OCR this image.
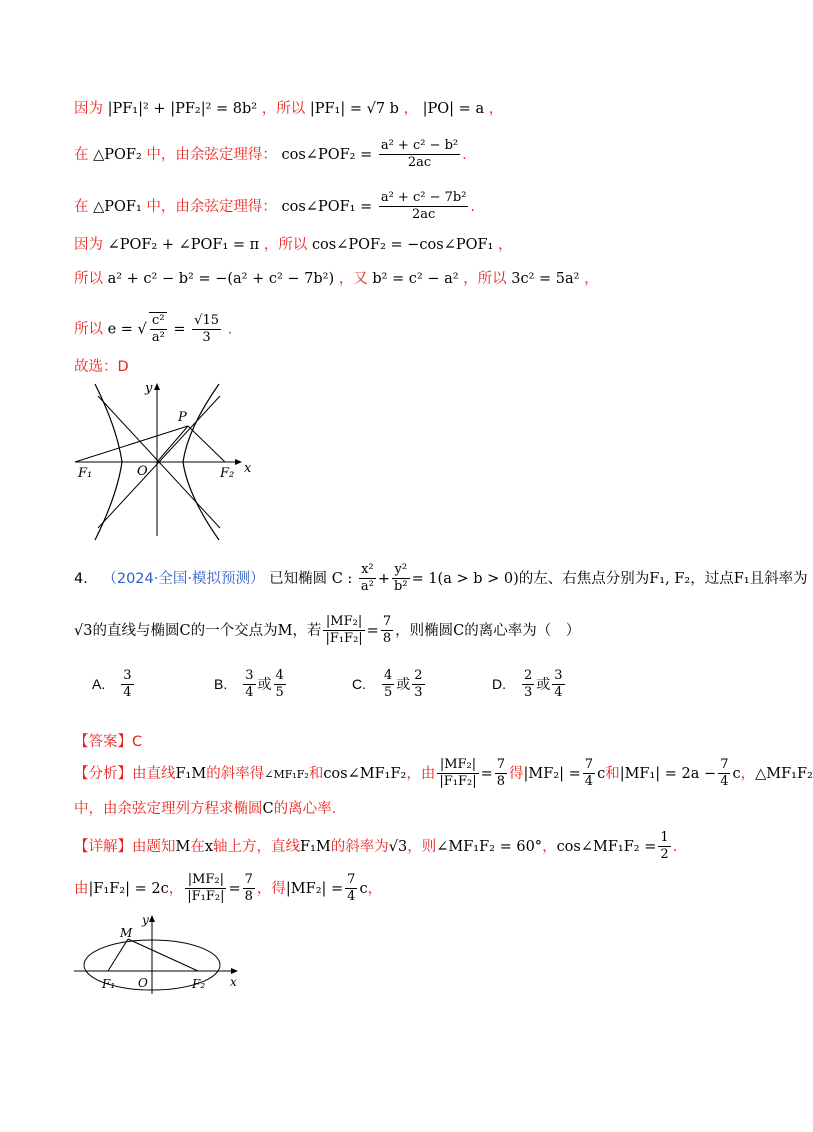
因为 |PF₁|² + |PF₂|² = 8b² ，所以 |PF₁| = √7 b ， |PO| = a ，
在 △POF₂ 中，由余弦定理得： cos∠POF₂ = $\frac{\text{a² + c² − b²}}{2ac}$ .
在 △POF₁ 中，由余弦定理得： cos∠POF₁ = $\frac{\text{a² + c² − 7b²}}{2ac}$ .
因为 ∠POF₂ + ∠POF₁ = π ，所以 cos∠POF₂ = −cos∠POF₁ ，
所以 a² + c² − b² = −(a² + c² − 7b²) ，又 b² = c² − a² ，所以 3c² = 5a² ，
所以 e = √ $\frac{\text{c²}}{\text{a²}} = \frac{√15}{3}$ .
故选：D
y
x
P
O
F₁	F₂
4． （2024·全国·模拟预测） 已知椭圆 C : $\frac{\text{x²}}{\text{a²}} + \frac{\text{y²}}{\text{b²}} = 1(a > b > 0)$的左、右焦点分别为F₁, F₂，过点F₁且斜率为
√3的直线与椭圆C的一个交点为M，若 $\frac{\text{|MF₂|}}{\text{|F₁F₂|}} = \frac{7}{8}$ ，则椭圆C的离心率为（　）
A. $\frac{3}{4}$	B. $\frac{3}{4}$ 或 $\frac{4}{5}$	C. $\frac{4}{5}$ 或 $\frac{2}{3}$	D. $\frac{2}{3}$ 或 $\frac{3}{4}$
【答案】C
【分析】由直线F₁M的斜率得∠MF₁F₂和cos∠MF₁F₂，由 $\frac{\text{|MF₂|}}{\text{|F₁F₂|}} = \frac{7}{8}$ 得$|MF_2| = \frac{7}{4}$ c和$|MF_1| = 2a - \frac{7}{4}$ c，△MF₁F₂
中，由余弦定理列方程求椭圆C的离心率.
【详解】由题知M在x轴上方，直线F₁M的斜率为√3，则∠MF₁F₂ = 60°，cos∠MF₁F₂ = $\frac{1}{2}$ .
由|F₁F₂| = 2c， $\frac{\text{|MF₂|}}{\text{|F₁F₂|}} = \frac{7}{8}$ ，得$|MF_2| = \frac{7}{4}$ c，
y
x
M
O
F₁	F₂
